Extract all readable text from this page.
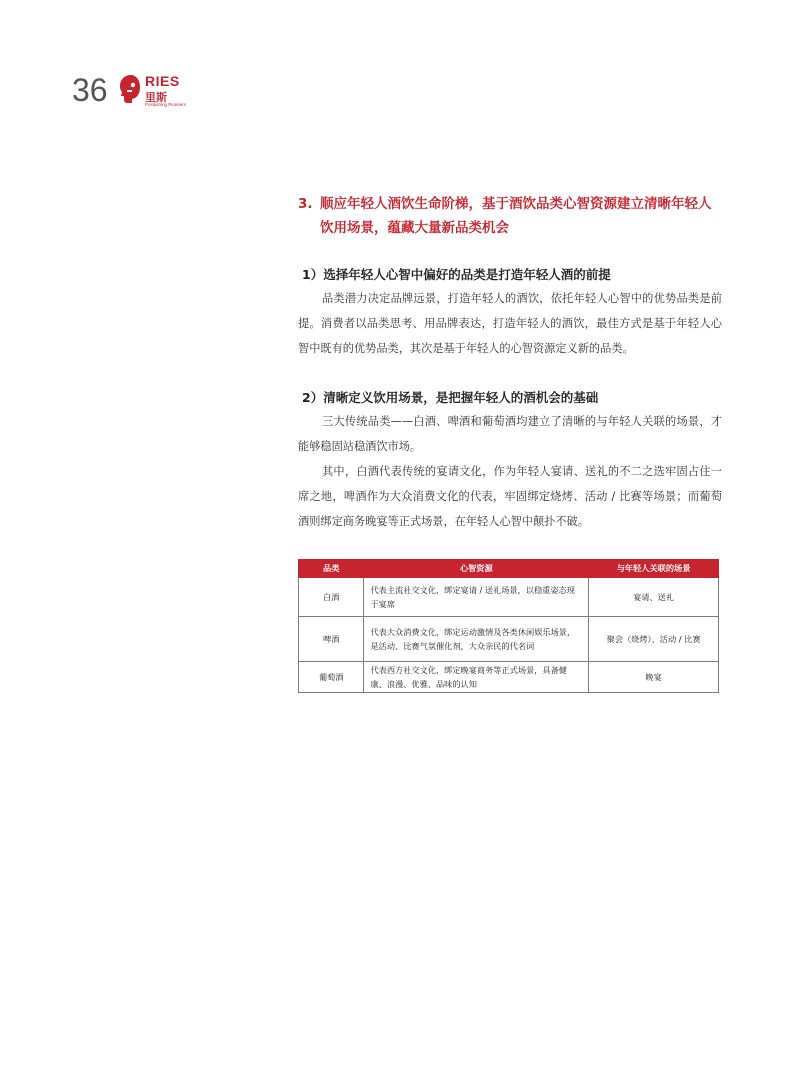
36	RIES
里斯
Positioning Pioneers
3. 顺应年轻人酒饮生命阶梯，基于酒饮品类心智资源建立清晰年轻人饮用场景，蕴藏大量新品类机会
1）选择年轻人心智中偏好的品类是打造年轻人酒的前提

品类潜力决定品牌远景，打造年轻人的酒饮，依托年轻人心智中的优势品类是前提。消费者以品类思考、用品牌表达，打造年轻人的酒饮，最佳方式是基于年轻人心智中既有的优势品类，其次是基于年轻人的心智资源定义新的品类。

2）清晰定义饮用场景，是把握年轻人的酒机会的基础

三大传统品类——白酒、啤酒和葡萄酒均建立了清晰的与年轻人关联的场景，才能够稳固站稳酒饮市场。

其中，白酒代表传统的宴请文化，作为年轻人宴请、送礼的不二之选牢固占住一席之地，啤酒作为大众消费文化的代表，牢固绑定烧烤、活动 / 比赛等场景；而葡萄酒则绑定商务晚宴等正式场景，在年轻人心智中颠扑不破。

品类	心智资源	与年轻人关联的场景
白酒	代表主流社交文化，绑定宴请 / 送礼场景，以稳重姿态现于宴席	宴请、送礼
啤酒	代表大众消费文化，绑定运动激情及各类休闲娱乐场景，是活动、比赛气氛催化剂，大众亲民的代名词	聚会（烧烤）、活动 / 比赛
葡萄酒	代表西方社交文化，绑定晚宴商务等正式场景，具备健康、浪漫、优雅、品味的认知	晚宴
